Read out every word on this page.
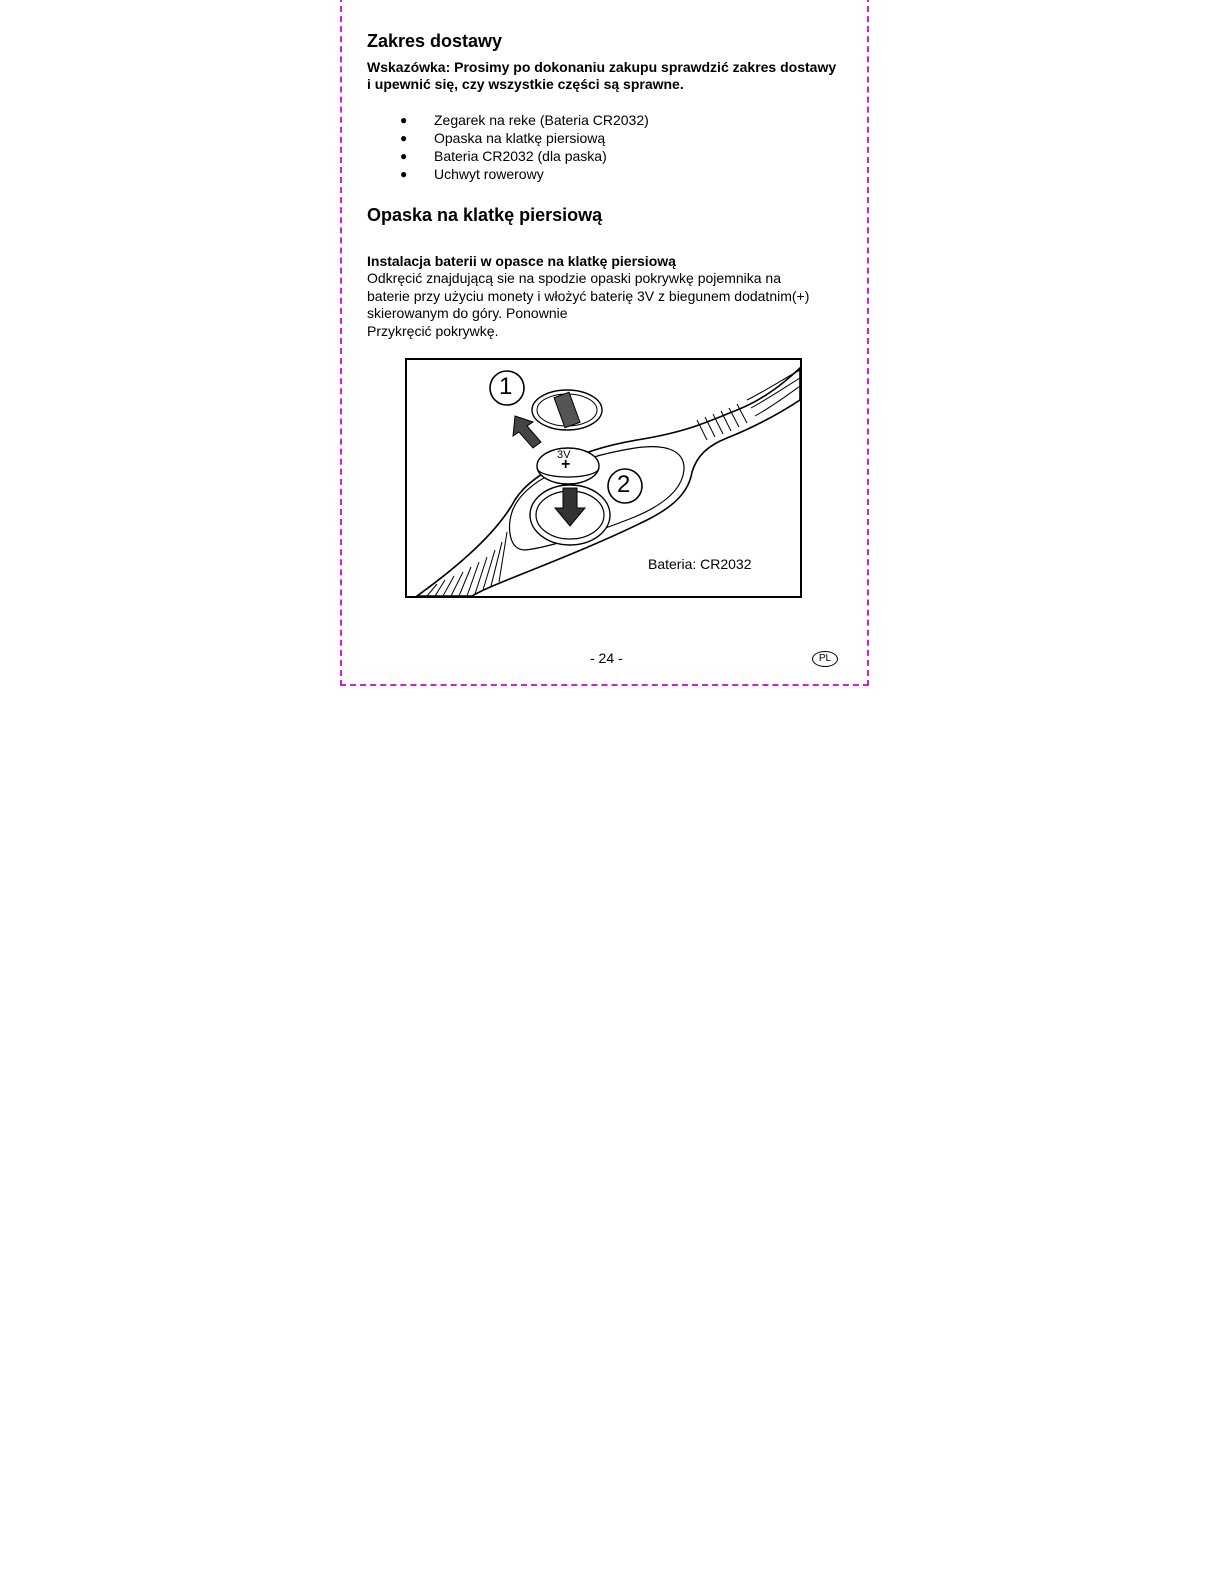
Zakres dostawy

Wskazówka: Prosimy po dokonaniu zakupu sprawdzić zakres dostawy i upewnić się, czy wszystkie części są sprawne.

● Zegarek na reke (Bateria CR2032)
● Opaska na klatkę piersiową
● Bateria CR2032 (dla paska)
● Uchwyt rowerowy
Opaska na klatkę piersiową

Instalacja baterii w opasce na klatkę piersiową

Odkręcić znajdującą sie na spodzie opaski pokrywkę pojemnika na
baterie przy użyciu monety i włożyć baterię 3V z biegunem dodatnim(+)
skierowanym do góry. Ponownie
Przykręcić pokrywkę.
1
2
3V
+
Bateria: CR2032
- 24 -	PL
